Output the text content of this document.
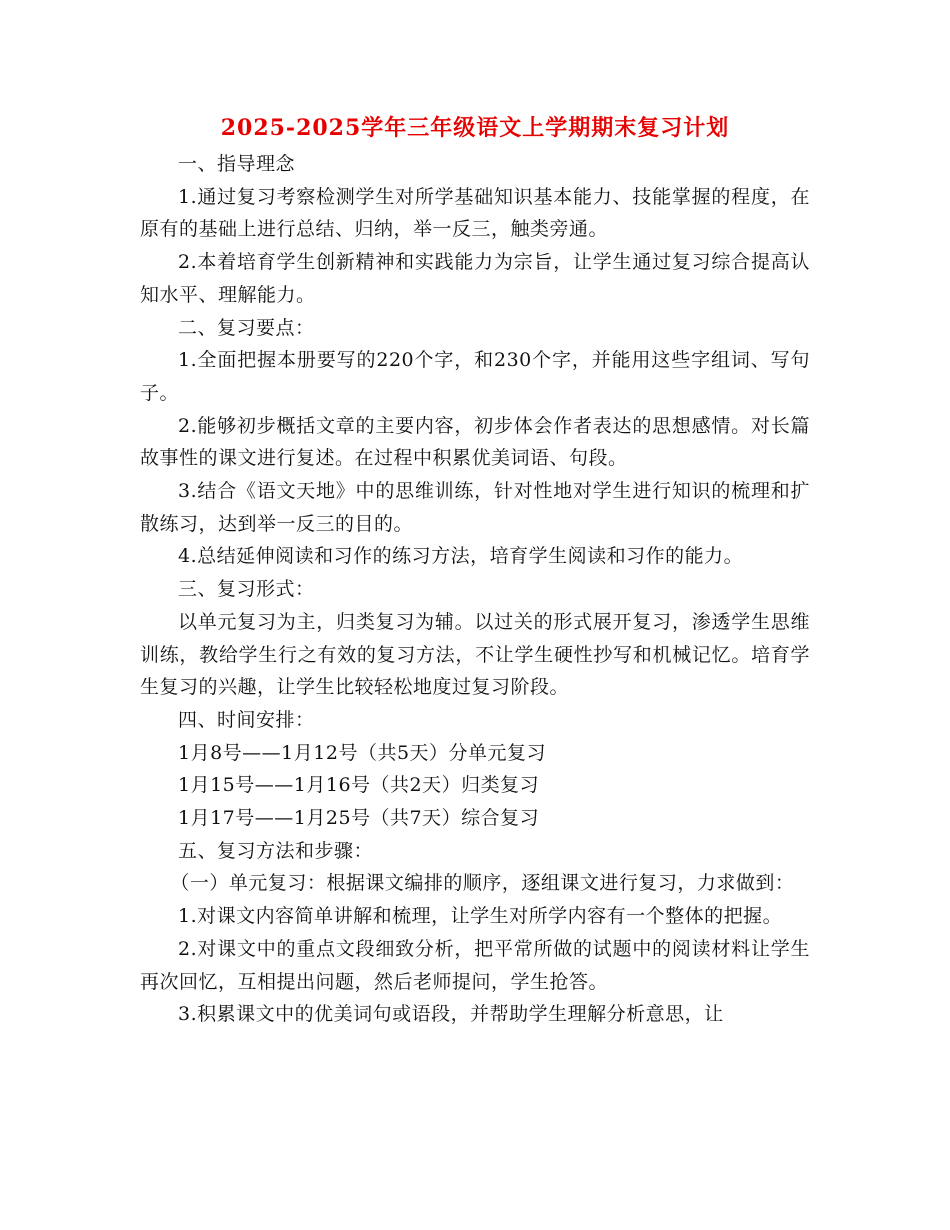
2025-2025学年三年级语文上学期期末复习计划

一、指导理念

1.通过复习考察检测学生对所学基础知识基本能力、技能掌握的程度，在原有的基础上进行总结、归纳，举一反三，触类旁通。

2.本着培育学生创新精神和实践能力为宗旨，让学生通过复习综合提高认知水平、理解能力。

二、复习要点：

1.全面把握本册要写的220个字，和230个字，并能用这些字组词、写句子。

2.能够初步概括文章的主要内容，初步体会作者表达的思想感情。对长篇故事性的课文进行复述。在过程中积累优美词语、句段。

3.结合《语文天地》中的思维训练，针对性地对学生进行知识的梳理和扩散练习，达到举一反三的目的。

4.总结延伸阅读和习作的练习方法，培育学生阅读和习作的能力。

三、复习形式：

以单元复习为主，归类复习为辅。以过关的形式展开复习，渗透学生思维训练，教给学生行之有效的复习方法，不让学生硬性抄写和机械记忆。培育学生复习的兴趣，让学生比较轻松地度过复习阶段。

四、时间安排：

1月8号——1月12号（共5天）分单元复习

1月15号——1月16号（共2天）归类复习

1月17号——1月25号（共7天）综合复习

五、复习方法和步骤：

（一）单元复习：根据课文编排的顺序，逐组课文进行复习，力求做到：

1.对课文内容简单讲解和梳理，让学生对所学内容有一个整体的把握。

2.对课文中的重点文段细致分析，把平常所做的试题中的阅读材料让学生再次回忆，互相提出问题，然后老师提问，学生抢答。

3.积累课文中的优美词句或语段，并帮助学生理解分析意思，让
